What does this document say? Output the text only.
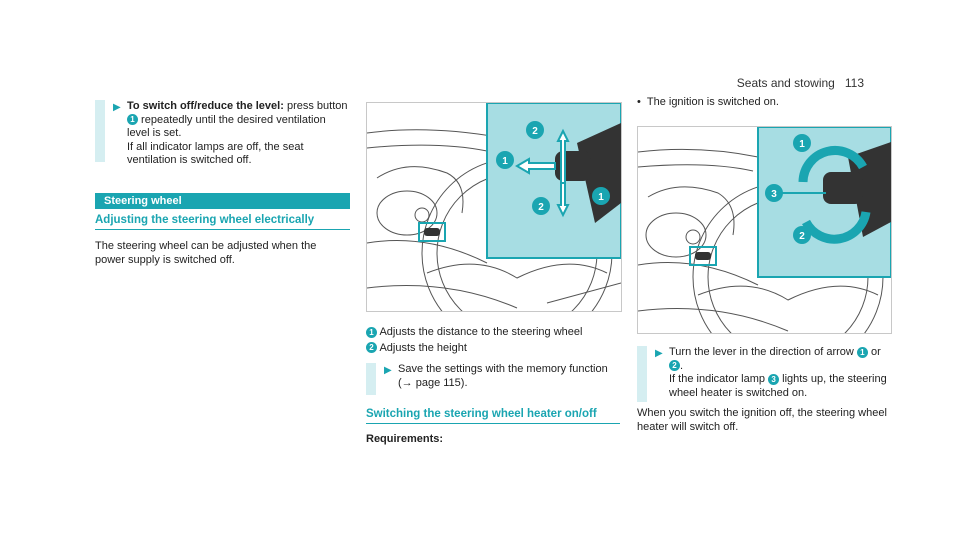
Seats and stowing 113
▶ To switch off/reduce the level: press button 1 repeatedly until the desired ventilation level is set.
If all indicator lamps are off, the seat ventilation is switched off.
Steering wheel
Adjusting the steering wheel electrically
The steering wheel can be adjusted when the power supply is switched off.
2
1
2
1
1 Adjusts the distance to the steering wheel
2 Adjusts the height
▶ Save the settings with the memory function
(→ page 115).
Switching the steering wheel heater on/off
Requirements:
• The ignition is switched on.
1
3
2
▶ Turn the lever in the direction of arrow 1 or
2 .
If the indicator lamp 3 lights up, the steering wheel heater is switched on.
When you switch the ignition off, the steering wheel heater will switch off.
